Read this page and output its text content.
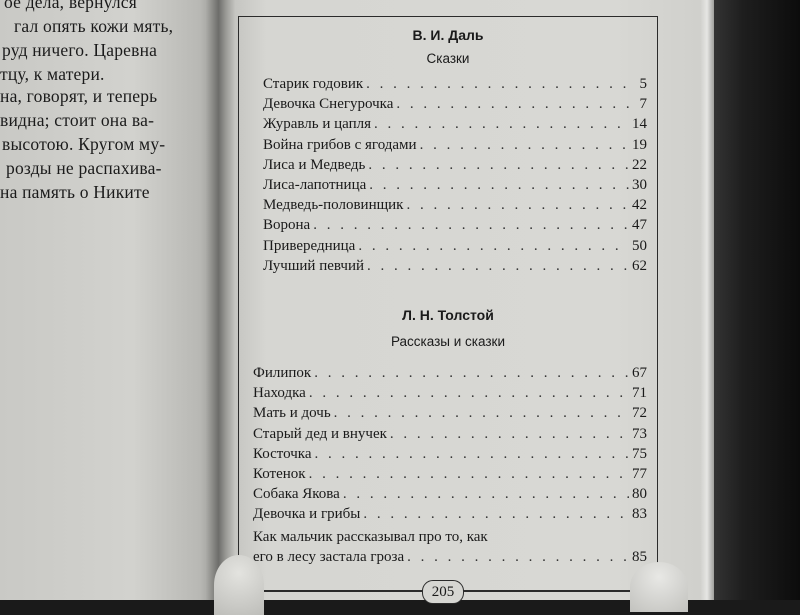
ое дела, вернулся
гал опять кожи мять,
руд ничего. Царевна
тцу, к матери.
на, говорят, и теперь
видна; стоит она ва-
высотою. Кругом му-
розды не распахива-
на память о Никите
В. И. Даль
Сказки
Старик годовик . . .	5
Девочка Снегурочка . . .	7
Журавль и цапля . . .	14
Война грибов с ягодами . . .	19
Лиса и Медведь . . .	22
Лиса-лапотница . . .	30
Медведь-половинщик . . .	42
Ворона . . .	47
Привередница . . .	50
Лучший певчий . . .	62
Л. Н. Толстой
Рассказы и сказки
Филипок . . .	67
Находка . . .	71
Мать и дочь . . .	72
Старый дед и внучек . . .	73
Косточка . . .	75
Котенок . . .	77
Собака Якова . . .	80
Девочка и грибы . . .	83
Как мальчик рассказывал про то, как
его в лесу застала гроза . . .	85
205
